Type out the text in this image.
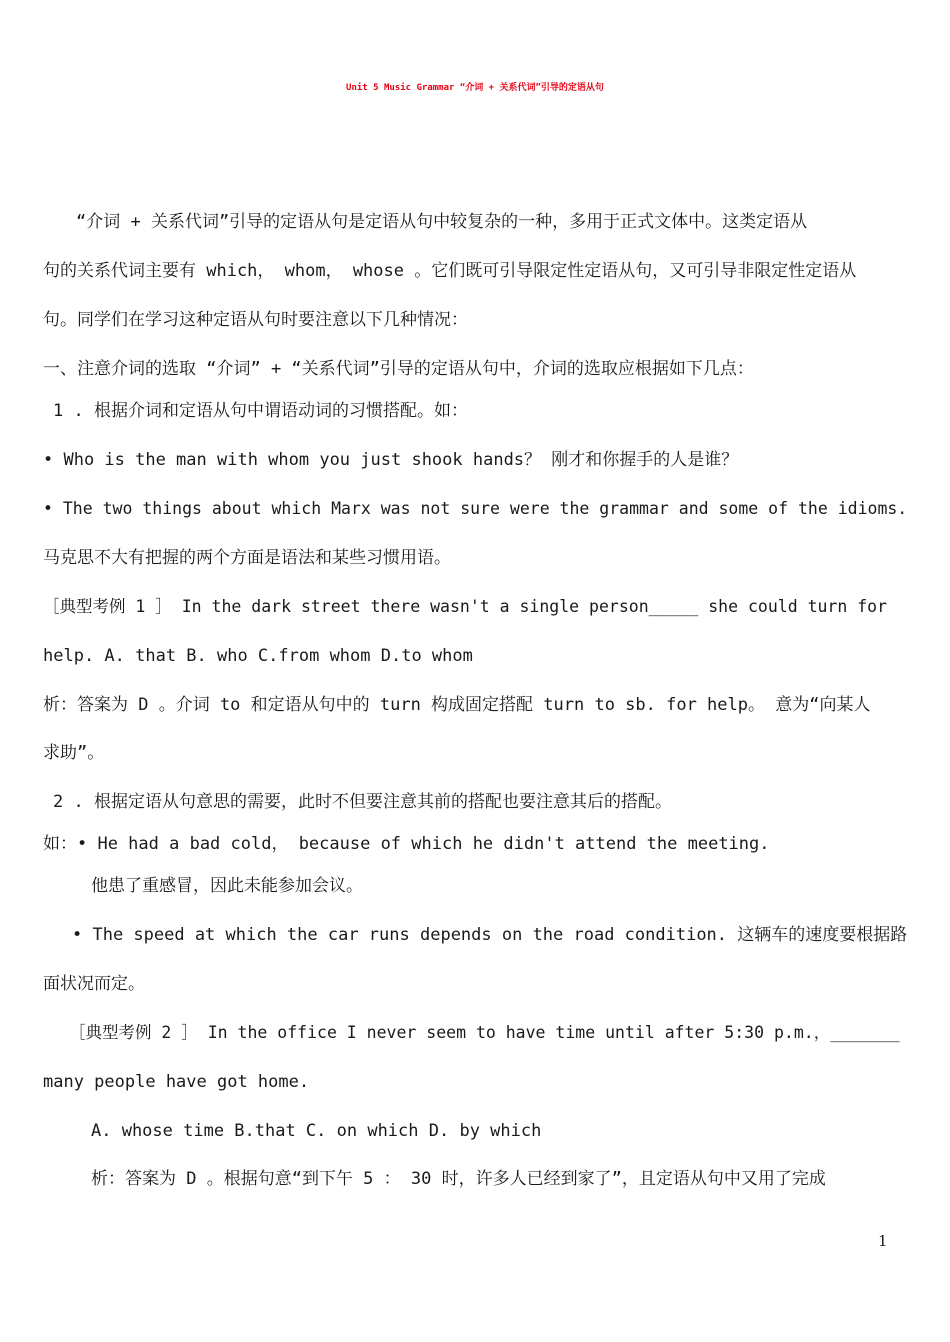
Unit 5 Music Grammar “介词 + 关系代词”引导的定语从句
“介词 + 关系代词”引导的定语从句是定语从句中较复杂的一种，多用于正式文体中。这类定语从
句的关系代词主要有 which， whom， whose 。它们既可引导限定性定语从句，又可引导非限定性定语从
句。同学们在学习这种定语从句时要注意以下几种情况：
一、注意介词的选取 “介词” + “关系代词”引导的定语从句中，介词的选取应根据如下几点：
1 . 根据介词和定语从句中谓语动词的习惯搭配。如：
• Who is the man with whom you just shook hands？ 刚才和你握手的人是谁？
• The two things about which Marx was not sure were the grammar and some of the idioms.
马克思不大有把握的两个方面是语法和某些习惯用语。
［典型考例 1 ］ In the dark street there wasn't a single person_____ she could turn for
help. A. that B. who C.from whom D.to whom
析：答案为 D 。介词 to 和定语从句中的 turn 构成固定搭配 turn to sb. for help。 意为“向某人
求助”。
2 . 根据定语从句意思的需要，此时不但要注意其前的搭配也要注意其后的搭配。
如：• He had a bad cold， because of which he didn't attend the meeting.
他患了重感冒，因此未能参加会议。
• The speed at which the car runs depends on the road condition. 这辆车的速度要根据路
面状况而定。
［典型考例 2 ］ In the office I never seem to have time until after 5:30 p.m.，_______
many people have got home.
A. whose time B.that C. on which D. by which
析：答案为 D 。根据句意“到下午 5 ： 30 时，许多人已经到家了”，且定语从句中又用了完成
1
